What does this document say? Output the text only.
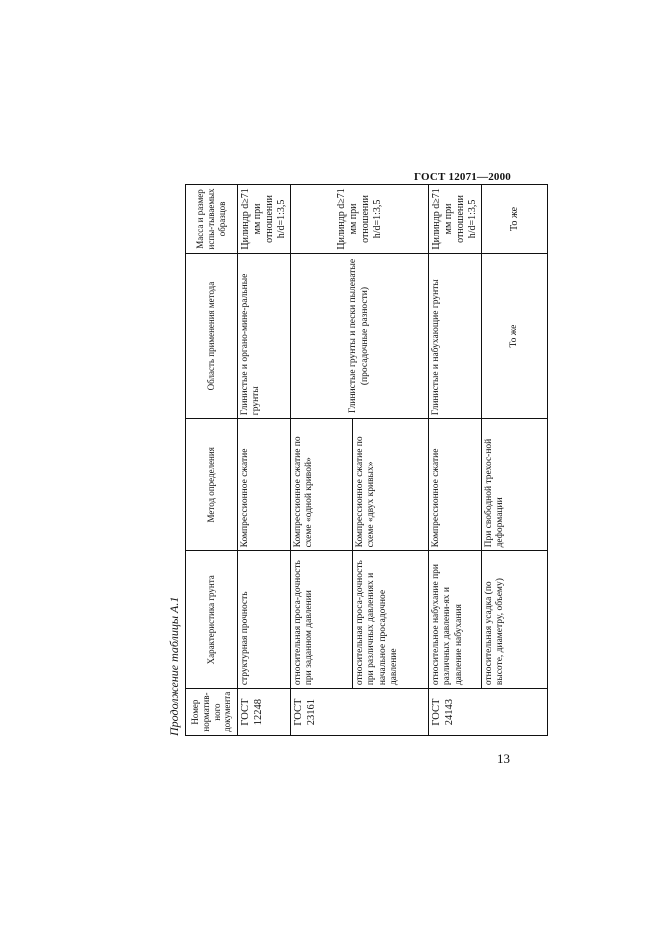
ГОСТ 12071—2000
Продолжение таблицы А.1 Номер норматив-ного документа	Характеристика грунта	Метод определения	Область применения метода	Масса и размер испы-тываемых образцов
ГОСТ 12248	структурная прочность	Компрессионное сжатие	Глинистые и органо-мине-ральные грунты	Цилиндр d≥71 мм при отношении h/d=1:3,5
ГОСТ 23161	относительная проса-дочность при заданном давлении	Компрессионное сжатие по схеме «одной кривой»	Глинистые грунты и пески пылеватые (просадочные разности)	Цилиндр d≥71 мм при отношении h/d=1:3,5
	относительная проса-дочность при различных давлениях и начальное просадочное давление	Компрессионное сжатие по схеме «двух кривых»		
ГОСТ 24143	относительное набухание при различных давлени-ях и давление набухания	Компрессионное сжатие	Глинистые и набухающие грунты	Цилиндр d≥71 мм при отношении h/d=1:3,5
	относительная усадка (по высоте, диаметру, объему)	При свободной трехос-ной деформации	То же	То же
13
